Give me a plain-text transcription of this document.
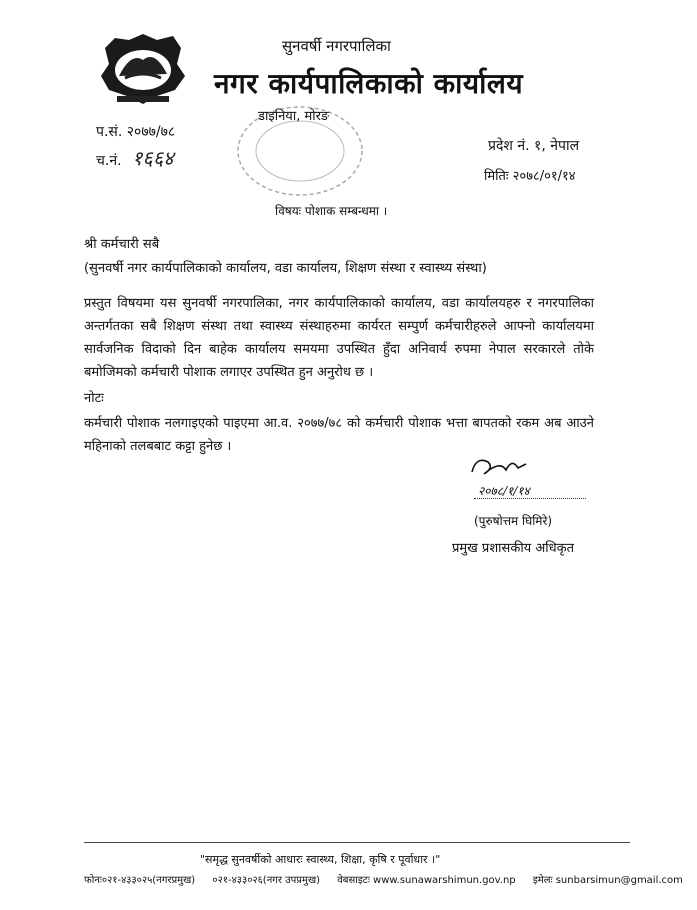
सुनवर्षी नगरपालिका
नगर कार्यपालिकाको कार्यालय
डाइनिया, मोरङ
प.सं. २०७७/७८
च.नं. १६६४	प्रदेश नं. १, नेपाल
मितिः २०७८/०१/१४
विषयः पोशाक सम्बन्धमा ।
श्री कर्मचारी सबै
(सुनवर्षी नगर कार्यपालिकाको कार्यालय, वडा कार्यालय, शिक्षण संस्था र स्वास्थ्य संस्था)
प्रस्तुत विषयमा यस सुनवर्षी नगरपालिका, नगर कार्यपालिकाको कार्यालय, वडा कार्यालयहरु र नगरपालिका अन्तर्गतका सबै शिक्षण संस्था तथा स्वास्थ्य संस्थाहरुमा कार्यरत सम्पुर्ण कर्मचारीहरुले आफ्नो कार्यालयमा सार्वजनिक विदाको दिन बाहेक कार्यालय समयमा उपस्थित हुँदा अनिवार्य रुपमा नेपाल सरकारले तोके बमोजिमको कर्मचारी पोशाक लगाएर उपस्थित हुन अनुरोध छ ।
नोटः
कर्मचारी पोशाक नलगाइएको पाइएमा आ.व. २०७७/७८ को कर्मचारी पोशाक भत्ता बापतको रकम अब आउने महिनाको तलबबाट कट्टा हुनेछ ।
२०७८/१/१४
(पुरुषोत्तम घिमिरे)
प्रमुख प्रशासकीय अधिकृत
"समृद्ध सुनवर्षीको आधारः स्वास्थ्य, शिक्षा, कृषि र पूर्वाधार ।"
फोनः०२१-४३३०२५(नगरप्रमुख) ०२१-४३३०२६(नगर उपप्रमुख) वेबसाइटः www.sunawarshimun.gov.np इमेलः sunbarsimun@gmail.com
